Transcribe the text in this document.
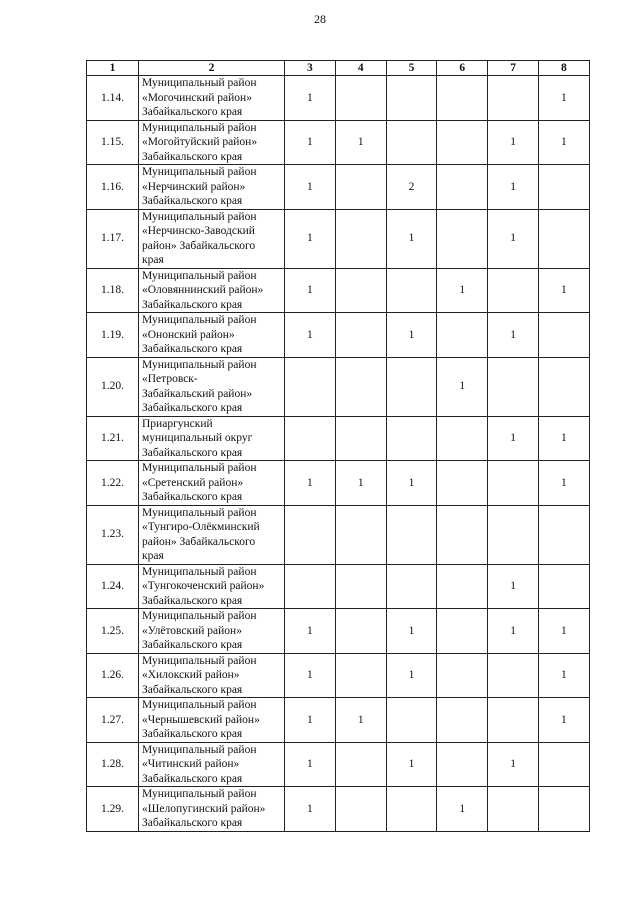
28
1	2	3	4	5	6	7	8
1.14.	Муниципальный район
«Могочинский район»
Забайкальского края	1					1
1.15.	Муниципальный район
«Могойтуйский район»
Забайкальского края	1	1			1	1
1.16.	Муниципальный район
«Нерчинский район»
Забайкальского края	1		2		1	
1.17.	Муниципальный район
«Нерчинско-Заводский
район» Забайкальского
края	1		1		1	
1.18.	Муниципальный район
«Оловяннинский район»
Забайкальского края	1			1		1
1.19.	Муниципальный район
«Ононский район»
Забайкальского края	1		1		1	
1.20.	Муниципальный район
«Петровск-
Забайкальский район»
Забайкальского края				1		
1.21.	Приаргунский
муниципальный округ
Забайкальского края					1	1
1.22.	Муниципальный район
«Сретенский район»
Забайкальского края	1	1	1			1
1.23.	Муниципальный район
«Тунгиро-Олёкминский
район» Забайкальского
края						

1.24.	Муниципальный район
«Тунгокоченский район»
Забайкальского края					1	
1.25.	Муниципальный район
«Улётовский район»
Забайкальского края	1		1		1	1
1.26.	Муниципальный район
«Хилокский район»
Забайкальского края	1		1			1
1.27.	Муниципальный район
«Чернышевский район»
Забайкальского края	1	1				1
1.28.	Муниципальный район
«Читинский район»
Забайкальского края	1		1		1	
1.29.	Муниципальный район
«Шелопугинский район»
Забайкальского края	1			1		
